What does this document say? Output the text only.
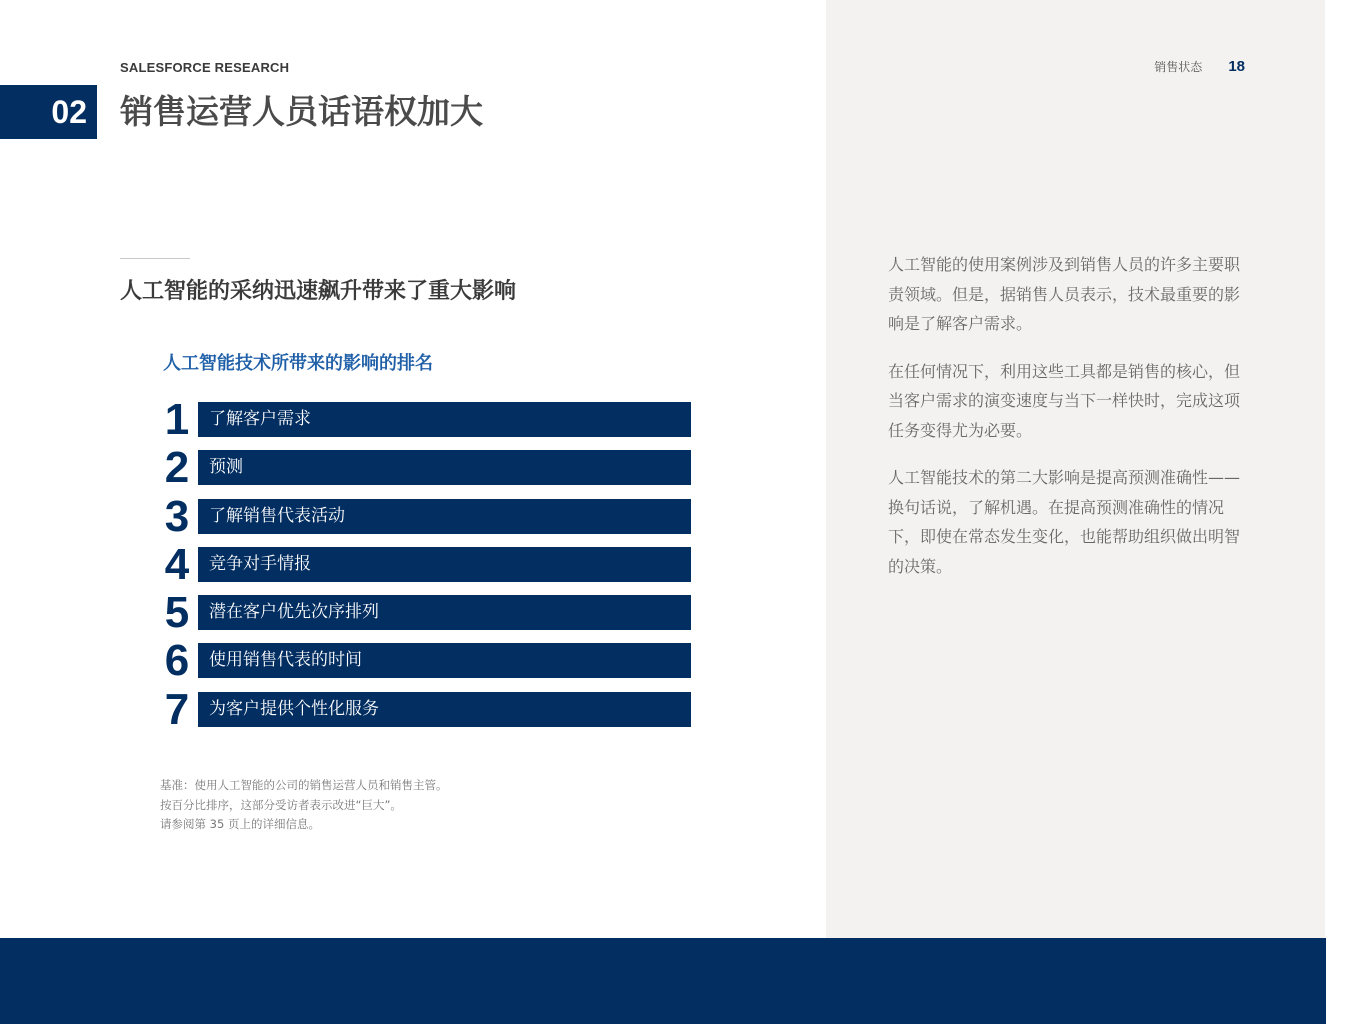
SALESFORCE RESEARCH	销售状态 18
02	销售运营人员话语权加大
人工智能的采纳迅速飙升带来了重大影响
人工智能技术所带来的影响的排名
1	了解客户需求
2	预测
3	了解销售代表活动
4	竞争对手情报
5	潜在客户优先次序排列
6	使用销售代表的时间
7	为客户提供个性化服务
基准：使用人工智能的公司的销售运营人员和销售主管。
按百分比排序，这部分受访者表示改进“巨大”。
请参阅第 35 页上的详细信息。

人工智能的使用案例涉及到销售人员的许多主要职责领域。但是，据销售人员表示，技术最重要的影响是了解客户需求。

在任何情况下，利用这些工具都是销售的核心，但当客户需求的演变速度与当下一样快时，完成这项任务变得尤为必要。

人工智能技术的第二大影响是提高预测准确性——换句话说，了解机遇。在提高预测准确性的情况下，即使在常态发生变化，也能帮助组织做出明智的决策。
